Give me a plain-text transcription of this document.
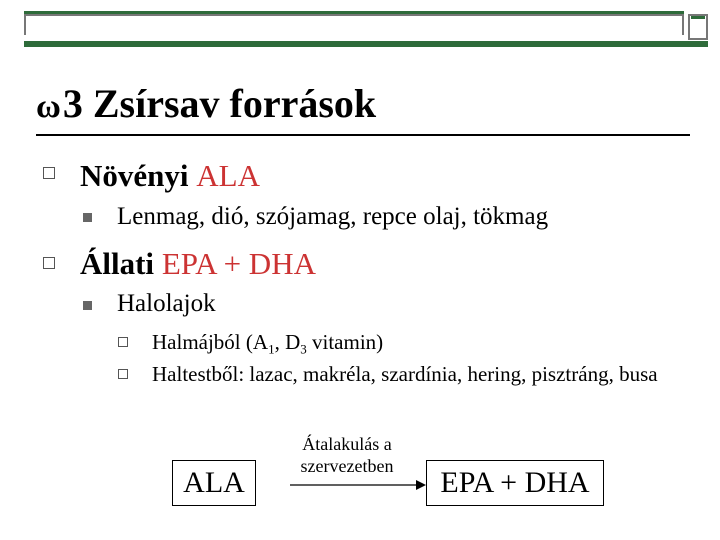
ω3 Zsírsav források
Növényi ALA
Lenmag, dió, szójamag, repce olaj, tökmag
Állati EPA + DHA
Halolajok
Halmájból ($A_1$, $D_3$ vitamin)
Haltestből: lazac, makréla, szardínia, hering, pisztráng, busa
ALA
Átalakulás a szervezetben	EPA + DHA
